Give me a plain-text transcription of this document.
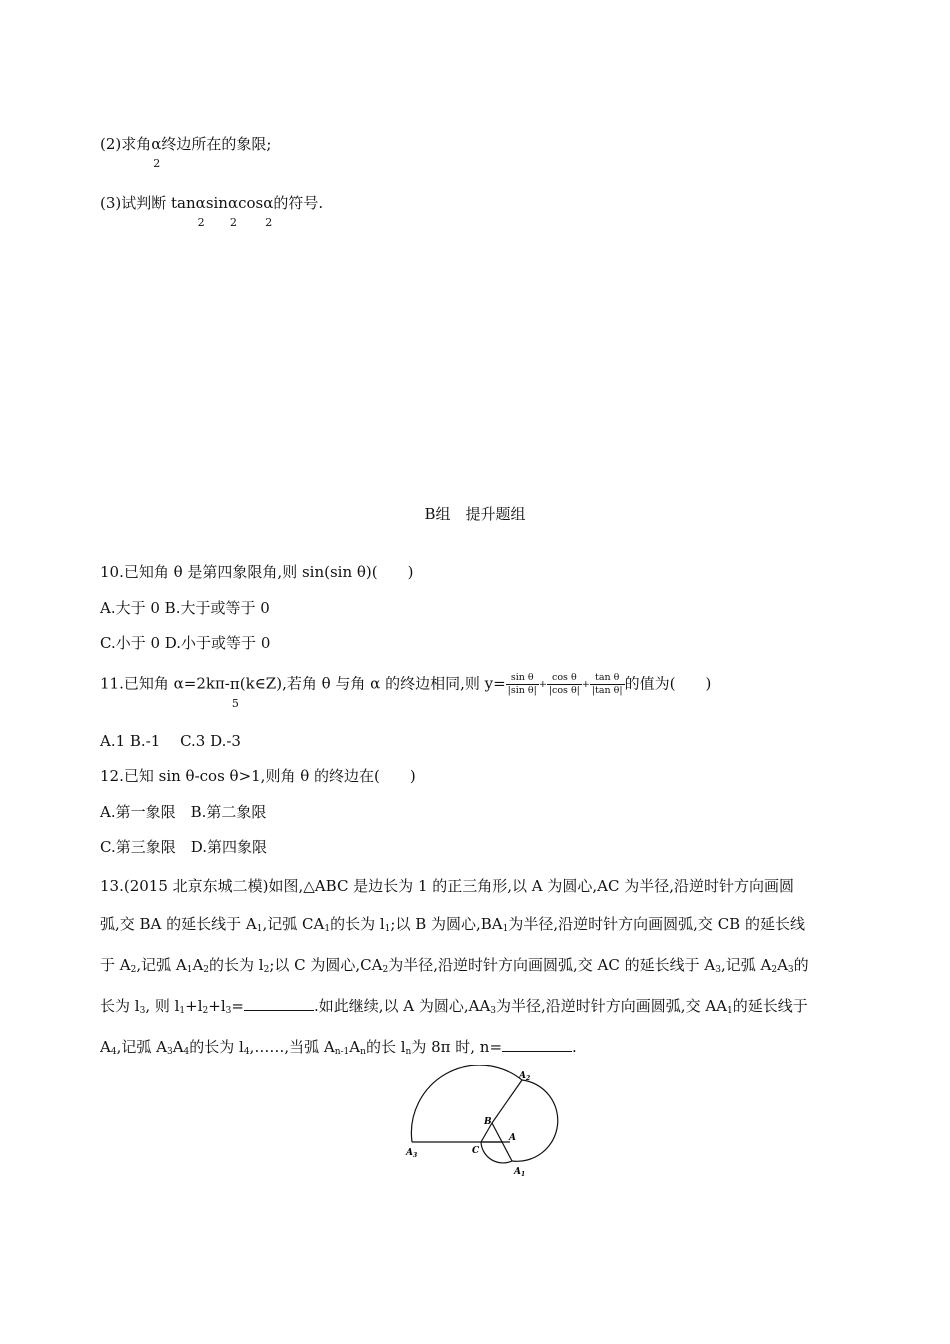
(2)求角α
2
终边所在的象限;
(3)试判断 tanα
2
sinα
2
cosα
2
的符号.
B组　提升题组
10.已知角 θ 是第四象限角,则 sin(sin θ)(　　)
A.大于 0 B.大于或等于 0
C.小于 0 D.小于或等于 0
11.已知角 α=2kπ-π
5
(k∈Z),若角 θ 与角 α 的终边相同,则 $y= \frac{\text{sin θ}}{\text{|sin θ|}} + \frac{\text{cos θ}}{\text{|cos θ|}} + \frac{\text{tan θ}}{\text{|tan θ|}}$ 的值为(　　)
A.1 B.-1　 C.3 D.-3
12.已知 sin θ-cos θ>1,则角 θ 的终边在(　　)
A.第一象限　B.第二象限
C.第三象限　D.第四象限
13.(2015 北京东城二模)如图,△ABC 是边长为 1 的正三角形,以 A 为圆心,AC 为半径,沿逆时针方向画圆
弧,交 BA 的延长线于 $A_1$,记弧 $CA_1$的长为 $l_1$;以 B 为圆心$,BA_1$为半径,沿逆时针方向画圆弧,交 CB 的延长线
于 $A_2$,记弧 $A_1A_2$的长为 $l_2$;以 C 为圆心$,CA_2$为半径,沿逆时针方向画圆弧,交 AC 的延长线于 $A_3$,记弧 $A_2A_3$的
长为 $l_3$, 则 $l_1+l_2+l_3=$	.如此继续,以 A 为圆心$,AA_3$为半径,沿逆时针方向画圆弧,交 $AA_1$的延长线于
$A_4$,记弧 $A_3A_4$的长为 $l_4,\dots\dots$,当弧 $A_{n-1}A_n$的长 $l_n$为 8π 时, n=	.
$A_2$
B
A
C
$A_3$
$A_1$
